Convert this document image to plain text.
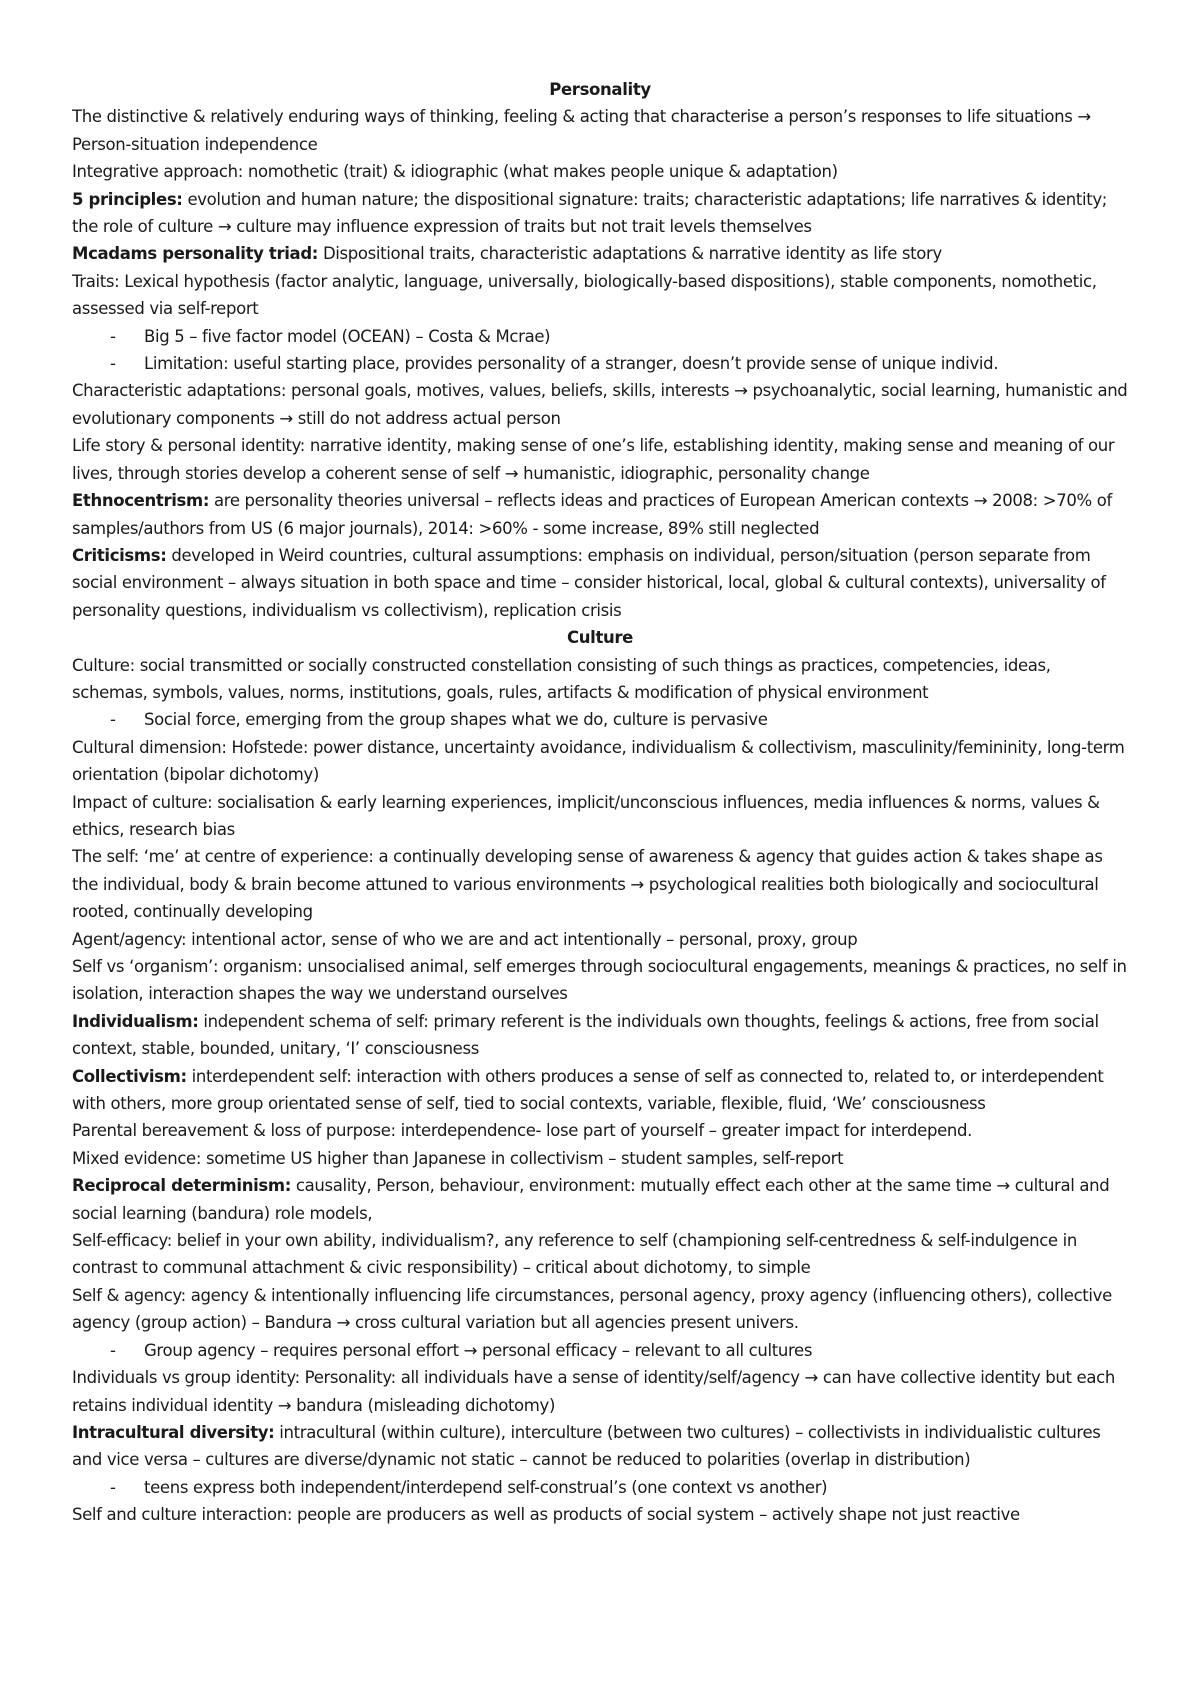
Personality

The distinctive & relatively enduring ways of thinking, feeling & acting that characterise a person’s responses to life situations → Person-situation independence

Integrative approach: nomothetic (trait) & idiographic (what makes people unique & adaptation)

5 principles: evolution and human nature; the dispositional signature: traits; characteristic adaptations; life narratives & identity; the role of culture → culture may influence expression of traits but not trait levels themselves

Mcadams personality triad: Dispositional traits, characteristic adaptations & narrative identity as life story

Traits: Lexical hypothesis (factor analytic, language, universally, biologically-based dispositions), stable components, nomothetic, assessed via self-report

- Big 5 – five factor model (OCEAN) – Costa & Mcrae)
- Limitation: useful starting place, provides personality of a stranger, doesn’t provide sense of unique individ.

Characteristic adaptations: personal goals, motives, values, beliefs, skills, interests → psychoanalytic, social learning, humanistic and evolutionary components → still do not address actual person

Life story & personal identity: narrative identity, making sense of one’s life, establishing identity, making sense and meaning of our lives, through stories develop a coherent sense of self → humanistic, idiographic, personality change

Ethnocentrism: are personality theories universal – reflects ideas and practices of European American contexts → 2008: >70% of samples/authors from US (6 major journals), 2014: >60% - some increase, 89% still neglected

Criticisms: developed in Weird countries, cultural assumptions: emphasis on individual, person/situation (person separate from social environment – always situation in both space and time – consider historical, local, global & cultural contexts), universality of personality questions, individualism vs collectivism), replication crisis

Culture

Culture: social transmitted or socially constructed constellation consisting of such things as practices, competencies, ideas, schemas, symbols, values, norms, institutions, goals, rules, artifacts & modification of physical environment

- Social force, emerging from the group shapes what we do, culture is pervasive

Cultural dimension: Hofstede: power distance, uncertainty avoidance, individualism & collectivism, masculinity/femininity, long-term orientation (bipolar dichotomy)

Impact of culture: socialisation & early learning experiences, implicit/unconscious influences, media influences & norms, values & ethics, research bias

The self: ‘me’ at centre of experience: a continually developing sense of awareness & agency that guides action & takes shape as the individual, body & brain become attuned to various environments → psychological realities both biologically and sociocultural rooted, continually developing

Agent/agency: intentional actor, sense of who we are and act intentionally – personal, proxy, group

Self vs ‘organism’: organism: unsocialised animal, self emerges through sociocultural engagements, meanings & practices, no self in isolation, interaction shapes the way we understand ourselves

Individualism: independent schema of self: primary referent is the individuals own thoughts, feelings & actions, free from social context, stable, bounded, unitary, ‘I’ consciousness

Collectivism: interdependent self: interaction with others produces a sense of self as connected to, related to, or interdependent with others, more group orientated sense of self, tied to social contexts, variable, flexible, fluid, ‘We’ consciousness

Parental bereavement & loss of purpose: interdependence- lose part of yourself – greater impact for interdepend.

Mixed evidence: sometime US higher than Japanese in collectivism – student samples, self-report

Reciprocal determinism: causality, Person, behaviour, environment: mutually effect each other at the same time → cultural and social learning (bandura) role models,

Self-efficacy: belief in your own ability, individualism?, any reference to self (championing self-centredness & self-indulgence in contrast to communal attachment & civic responsibility) – critical about dichotomy, to simple

Self & agency: agency & intentionally influencing life circumstances, personal agency, proxy agency (influencing others), collective agency (group action) – Bandura → cross cultural variation but all agencies present univers.

- Group agency – requires personal effort → personal efficacy – relevant to all cultures

Individuals vs group identity: Personality: all individuals have a sense of identity/self/agency → can have collective identity but each retains individual identity → bandura (misleading dichotomy)

Intracultural diversity: intracultural (within culture), interculture (between two cultures) – collectivists in individualistic cultures and vice versa – cultures are diverse/dynamic not static – cannot be reduced to polarities (overlap in distribution)

- teens express both independent/interdepend self-construal’s (one context vs another)

Self and culture interaction: people are producers as well as products of social system – actively shape not just reactive
